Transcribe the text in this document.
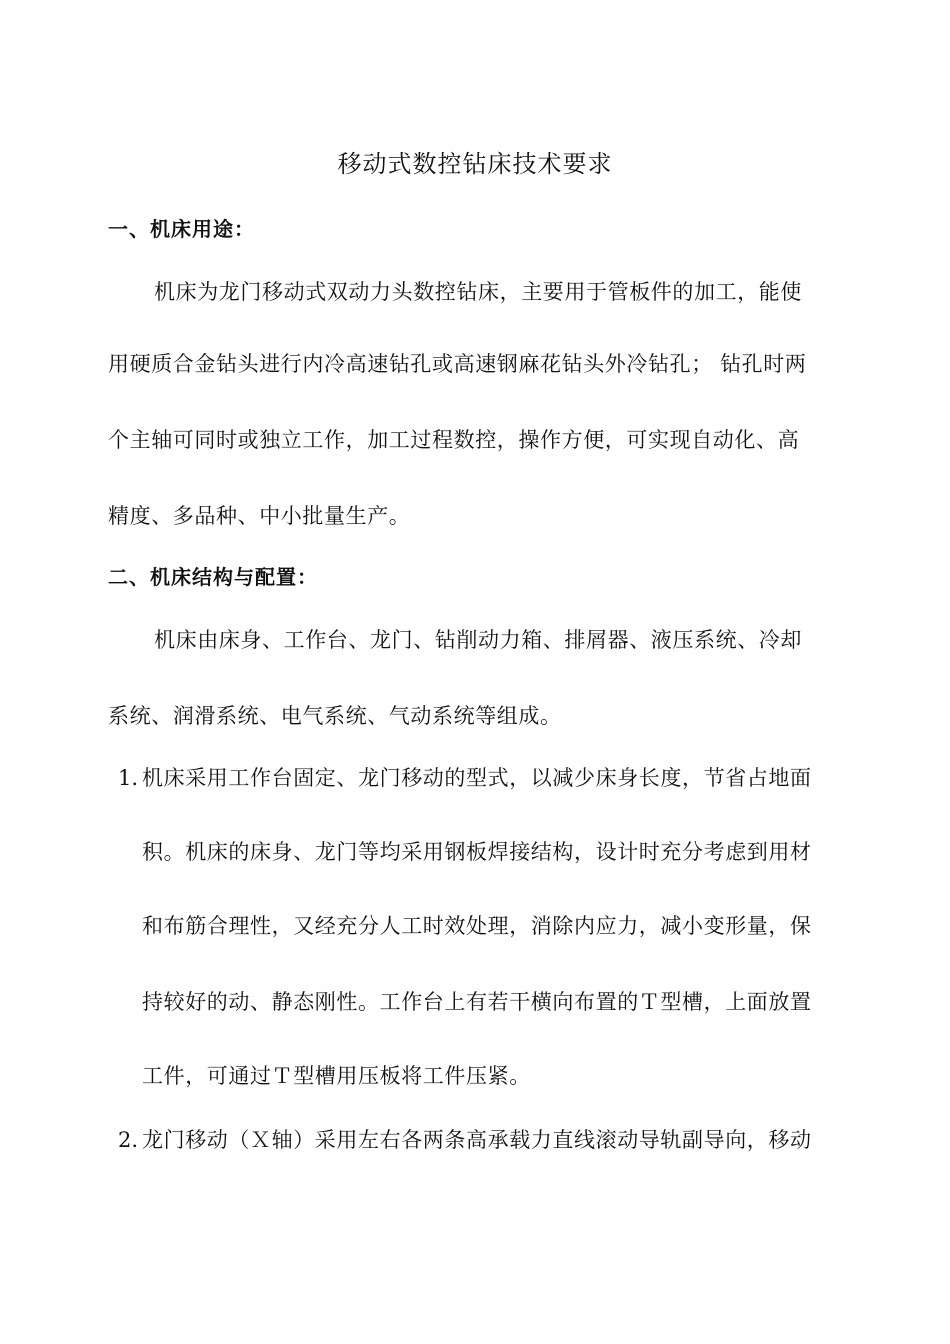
移动式数控钻床技术要求
一、机床用途：
机床为龙门移动式双动力头数控钻床，主要用于管板件的加工，能使
用硬质合金钻头进行内冷高速钻孔或高速钢麻花钻头外冷钻孔； 钻孔时两
个主轴可同时或独立工作，加工过程数控，操作方便，可实现自动化、高
精度、多品种、中小批量生产。
二、机床结构与配置：
机床由床身、工作台、龙门、钻削动力箱、排屑器、液压系统、冷却
系统、润滑系统、电气系统、气动系统等组成。
1. 机床采用工作台固定、龙门移动的型式，以减少床身长度，节省占地面
积。机床的床身、龙门等均采用钢板焊接结构，设计时充分考虑到用材
和布筋合理性，又经充分人工时效处理，消除内应力，减小变形量，保
持较好的动、静态刚性。工作台上有若干横向布置的Ｔ型槽，上面放置
工件，可通过Ｔ型槽用压板将工件压紧。
2. 龙门移动（Ｘ轴）采用左右各两条高承载力直线滚动导轨副导向，移动
